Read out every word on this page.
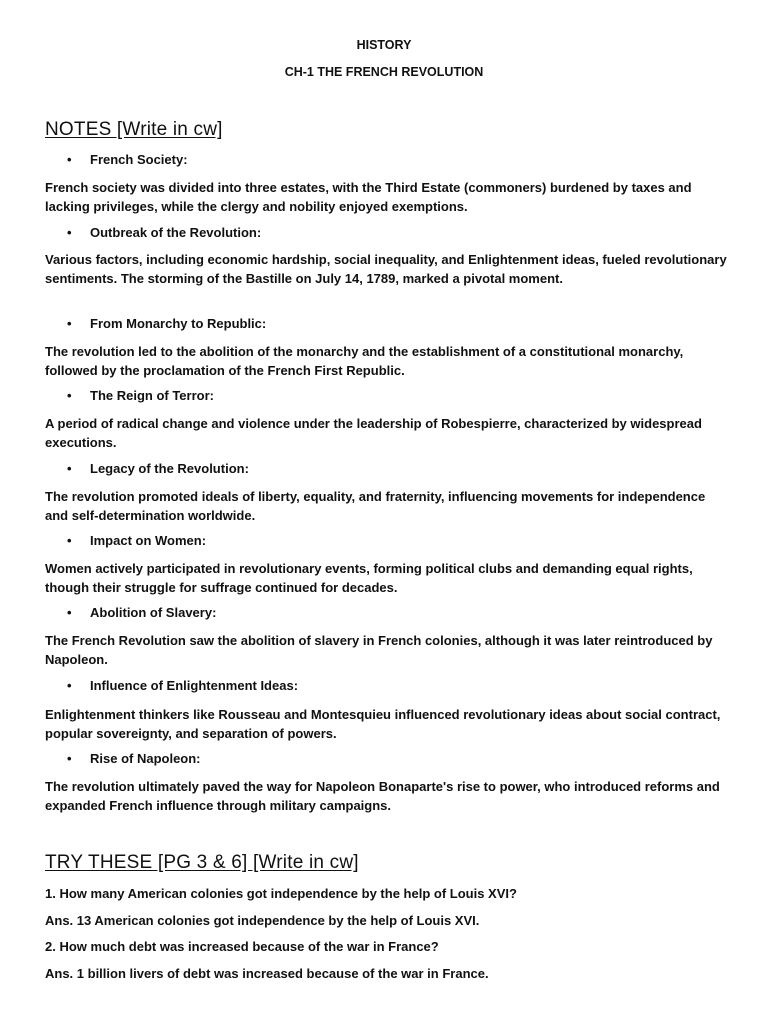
HISTORY
CH-1 THE FRENCH REVOLUTION
NOTES [Write in cw]
• French Society:
French society was divided into three estates, with the Third Estate (commoners) burdened by taxes and lacking privileges, while the clergy and nobility enjoyed exemptions.
• Outbreak of the Revolution:
Various factors, including economic hardship, social inequality, and Enlightenment ideas, fueled revolutionary sentiments. The storming of the Bastille on July 14, 1789, marked a pivotal moment.
• From Monarchy to Republic:
The revolution led to the abolition of the monarchy and the establishment of a constitutional monarchy, followed by the proclamation of the French First Republic.
• The Reign of Terror:
A period of radical change and violence under the leadership of Robespierre, characterized by widespread executions.
• Legacy of the Revolution:
The revolution promoted ideals of liberty, equality, and fraternity, influencing movements for independence and self-determination worldwide.
• Impact on Women:
Women actively participated in revolutionary events, forming political clubs and demanding equal rights, though their struggle for suffrage continued for decades.
• Abolition of Slavery:
The French Revolution saw the abolition of slavery in French colonies, although it was later reintroduced by Napoleon.
• Influence of Enlightenment Ideas:
Enlightenment thinkers like Rousseau and Montesquieu influenced revolutionary ideas about social contract, popular sovereignty, and separation of powers.
• Rise of Napoleon:
The revolution ultimately paved the way for Napoleon Bonaparte's rise to power, who introduced reforms and expanded French influence through military campaigns.
TRY THESE [PG 3 & 6] [Write in cw]
1. How many American colonies got independence by the help of Louis XVI?
Ans. 13 American colonies got independence by the help of Louis XVI.
2. How much debt was increased because of the war in France?
Ans. 1 billion livers of debt was increased because of the war in France.
